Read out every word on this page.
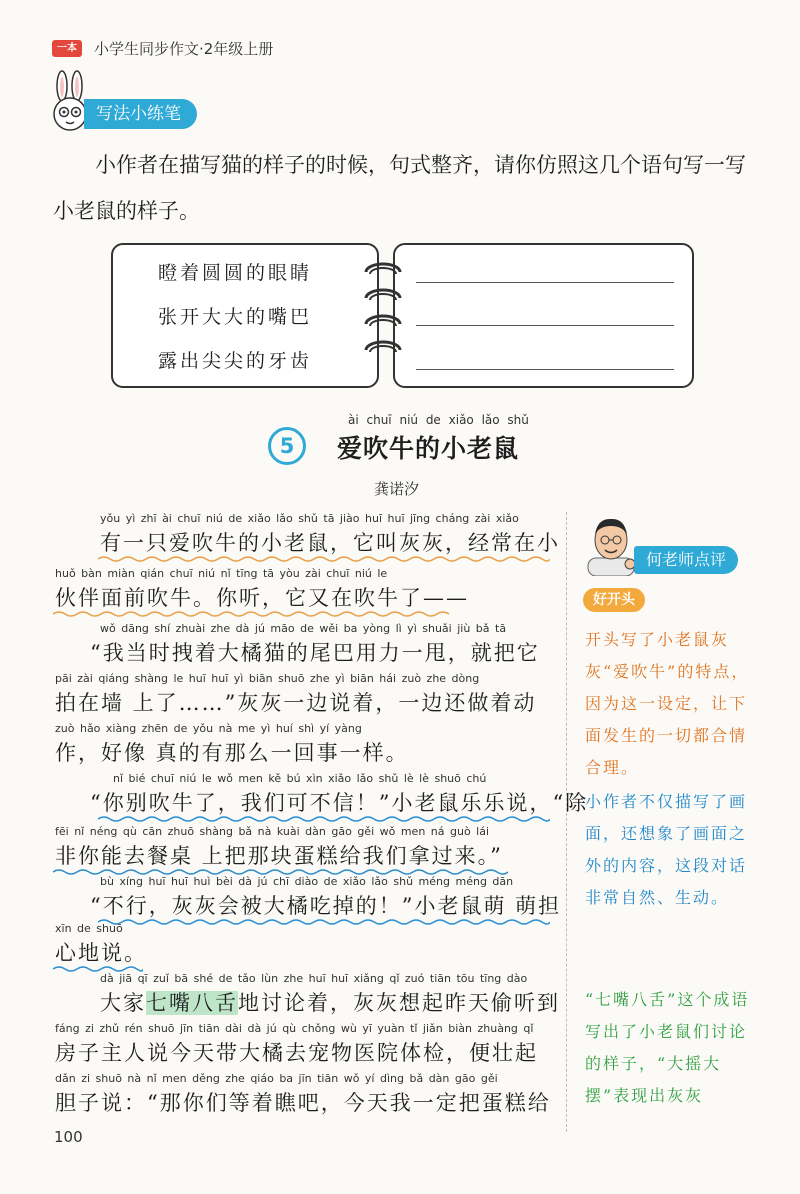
一本	小学生同步作文·2年级上册
写法小练笔
小作者在描写猫的样子的时候，句式整齐，请你仿照这几个语句写一写小老鼠的样子。
瞪着圆圆的眼睛
张开大大的嘴巴
露出尖尖的牙齿
5
ài chuī niú de xiǎo lǎo shǔ
爱吹牛的小老鼠
龚诺汐
yǒu yì zhī ài chuī niú de xiǎo lǎo shǔ tā jiào huī huī jīng cháng zài xiǎo
有一只爱吹牛的小老鼠，它叫灰灰，经常在小
huǒ bàn miàn qián chuī niú nǐ tīng tā yòu zài chuī niú le
伙伴面前吹牛。你听，它又在吹牛了——
wǒ dāng shí zhuài zhe dà jú māo de wěi ba yòng lì yì shuǎi jiù bǎ tā
“我当时拽着大橘猫的尾巴用力一甩，就把它
pāi zài qiáng shàng le huī huī yì biān shuō zhe yì biān hái zuò zhe dòng
拍在墙 上了……”灰灰一边说着，一边还做着动
zuò hǎo xiàng zhēn de yǒu nà me yì huí shì yí yàng
作，好像 真的有那么一回事一样。
nǐ bié chuī niú le wǒ men kě bú xìn xiǎo lǎo shǔ lè lè shuō chú
“你别吹牛了，我们可不信！”小老鼠乐乐说，“除
fēi nǐ néng qù cān zhuō shàng bǎ nà kuài dàn gāo gěi wǒ men ná guò lái
非你能去餐桌 上把那块蛋糕给我们拿过来。”
bù xíng huī huī huì bèi dà jú chī diào de xiǎo lǎo shǔ méng méng dān
“不行，灰灰会被大橘吃掉的！”小老鼠萌 萌担
xīn de shuō
心地说。
dà jiā qī zuǐ bā shé de tǎo lùn zhe huī huī xiǎng qǐ zuó tiān tōu tīng dào
大家七嘴八舌地讨论着，灰灰想起昨天偷听到
fáng zi zhǔ rén shuō jīn tiān dài dà jú qù chǒng wù yī yuàn tǐ jiǎn biàn zhuàng qǐ
房子主人说今天带大橘去宠物医院体检，便壮起
dǎn zi shuō nà nǐ men děng zhe qiáo ba jīn tiān wǒ yí dìng bǎ dàn gāo gěi
胆子说：“那你们等着瞧吧，今天我一定把蛋糕给
何老师点评
好开头
开头写了小老鼠灰灰“爱吹牛”的特点，因为这一设定，让下面发生的一切都合情合理。
小作者不仅描写了画面，还想象了画面之外的内容，这段对话非常自然、生动。
“七嘴八舌”这个成语写出了小老鼠们讨论的样子，“大摇大摆”表现出灰灰
100
